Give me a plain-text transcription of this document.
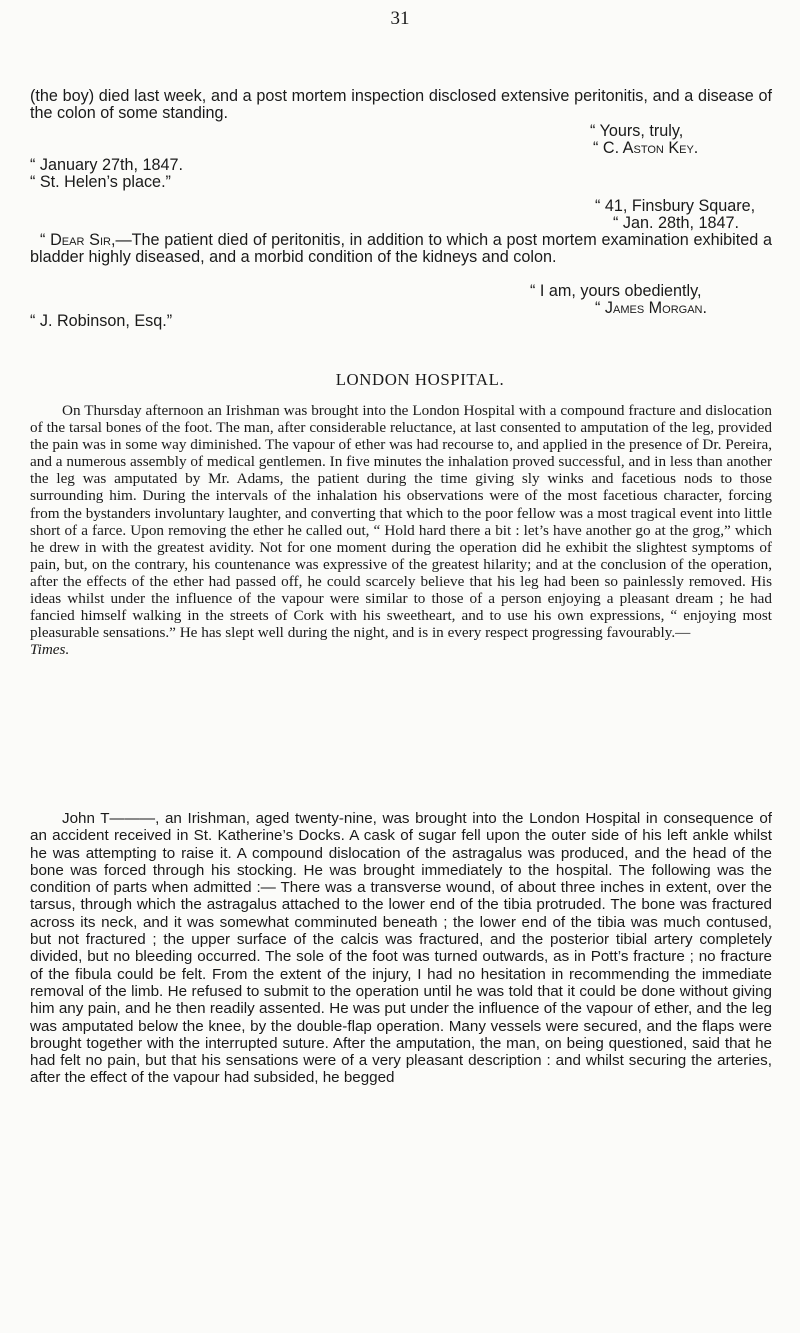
31

(the boy) died last week, and a post mortem inspection disclosed extensive peritonitis, and a disease of the colon of some standing.

“ Yours, truly,
“ C. Aston Key.
“ January 27th, 1847.
“ St. Helen’s place.”
“ 41, Finsbury Square,
“ Jan. 28th, 1847.

“ Dear Sir,—The patient died of peritonitis, in addition to which a post mortem examination exhibited a bladder highly diseased, and a morbid condition of the kidneys and colon.

“ I am, yours obediently,
“ James Morgan.
“ J. Robinson, Esq.”
LONDON HOSPITAL.

On Thursday afternoon an Irishman was brought into the London Hospital with a compound fracture and dislocation of the tarsal bones of the foot. The man, after considerable reluctance, at last consented to amputation of the leg, provided the pain was in some way diminished. The vapour of ether was had recourse to, and applied in the presence of Dr. Pereira, and a numerous assembly of medical gentlemen. In five minutes the inhalation proved successful, and in less than another the leg was amputated by Mr. Adams, the patient during the time giving sly winks and facetious nods to those surrounding him. During the intervals of the inhalation his observations were of the most facetious character, forcing from the bystanders involuntary laughter, and converting that which to the poor fellow was a most tragical event into little short of a farce. Upon removing the ether he called out, “ Hold hard there a bit : let’s have another go at the grog,” which he drew in with the greatest avidity. Not for one moment during the operation did he exhibit the slightest symptoms of pain, but, on the contrary, his countenance was expressive of the greatest hilarity; and at the conclusion of the operation, after the effects of the ether had passed off, he could scarcely believe that his leg had been so painlessly removed. His ideas whilst under the influence of the vapour were similar to those of a person enjoying a pleasant dream ; he had fancied himself walking in the streets of Cork with his sweetheart, and to use his own expressions, “ enjoying most pleasurable sensations.” He has slept well during the night, and is in every respect progressing favourably.—
Times.

John T———, an Irishman, aged twenty-nine, was brought into the London Hospital in consequence of an accident received in St. Katherine’s Docks. A cask of sugar fell upon the outer side of his left ankle whilst he was attempting to raise it. A compound dislocation of the astragalus was produced, and the head of the bone was forced through his stocking. He was brought immediately to the hospital. The following was the condition of parts when admitted :— There was a transverse wound, of about three inches in extent, over the tarsus, through which the astragalus attached to the lower end of the tibia protruded. The bone was fractured across its neck, and it was somewhat comminuted beneath ; the lower end of the tibia was much contused, but not fractured ; the upper surface of the calcis was fractured, and the posterior tibial artery completely divided, but no bleeding occurred. The sole of the foot was turned outwards, as in Pott’s fracture ; no fracture of the fibula could be felt. From the extent of the injury, I had no hesitation in recommending the immediate removal of the limb. He refused to submit to the operation until he was told that it could be done without giving him any pain, and he then readily assented. He was put under the influence of the vapour of ether, and the leg was amputated below the knee, by the double-flap operation. Many vessels were secured, and the flaps were brought together with the interrupted suture. After the amputation, the man, on being questioned, said that he had felt no pain, but that his sensations were of a very pleasant description : and whilst securing the arteries, after the effect of the vapour had subsided, he begged
